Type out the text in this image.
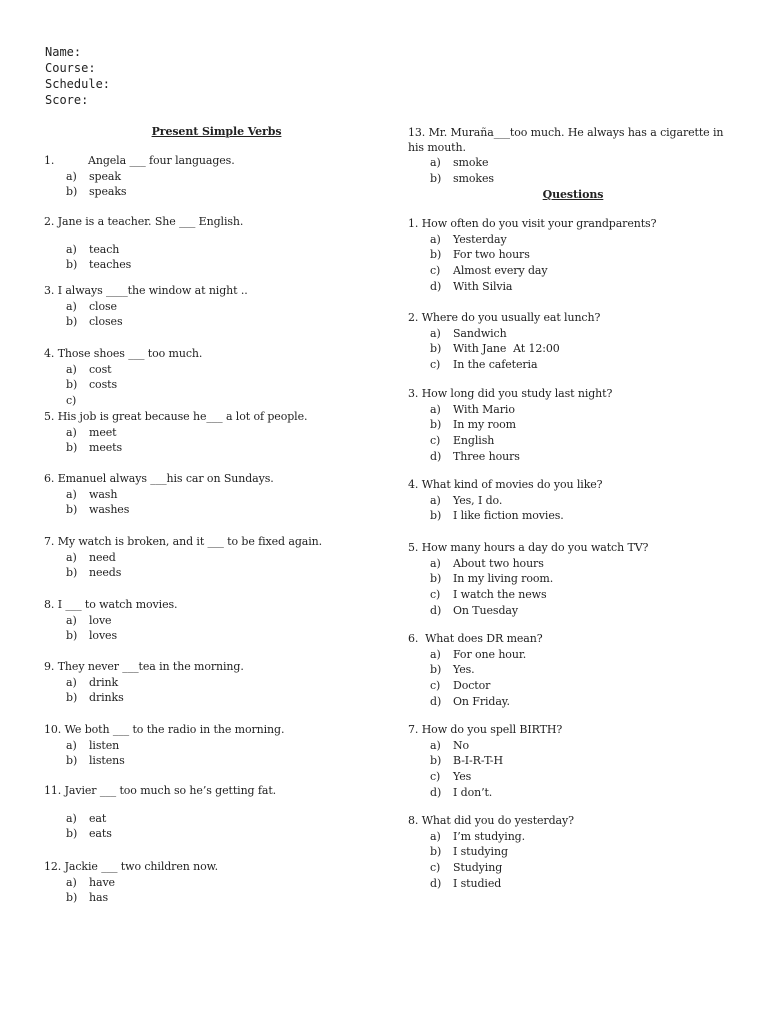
Name:
Course:
Schedule:
Score:
Present Simple Verbs
1.	Angela ___ four languages.
a) speak
b) speaks
2. Jane is a teacher. She ___ English.
a) teach
b) teaches
3. I always ____the window at night ..
a) close
b) closes
4. Those shoes ___ too much.
a) cost
b) costs
c)
5. His job is great because he___ a lot of people.
a) meet
b) meets
6. Emanuel always ___his car on Sundays.
a) wash
b) washes
7. My watch is broken, and it ___ to be fixed again.
a) need
b) needs
8. I ___ to watch movies.
a) love
b) loves
9. They never ___tea in the morning.
a) drink
b) drinks
10. We both ___ to the radio in the morning.
a) listen
b) listens
11. Javier ___ too much so he’s getting fat.
a) eat
b) eats
12. Jackie ___ two children now.
a) have
b) has
13. Mr. Muraña___too much. He always has a cigarette in his mouth.
a) smoke
b) smokes
Questions
1. How often do you visit your grandparents?
a) Yesterday
b) For two hours
c) Almost every day
d) With Silvia
2. Where do you usually eat lunch?
a) Sandwich
b) With Jane  At 12:00
c) In the cafeteria
3. How long did you study last night?
a) With Mario
b) In my room
c) English
d) Three hours
4. What kind of movies do you like?
a) Yes, I do.
b) I like fiction movies.
5. How many hours a day do you watch TV?
a) About two hours
b) In my living room.
c) I watch the news
d) On Tuesday
6.  What does DR mean?
a) For one hour.
b) Yes.
c) Doctor
d) On Friday.
7. How do you spell BIRTH?
a) No
b) B-I-R-T-H
c) Yes
d) I don’t.
8. What did you do yesterday?
a) I’m studying.
b) I studying
c) Studying
d) I studied
